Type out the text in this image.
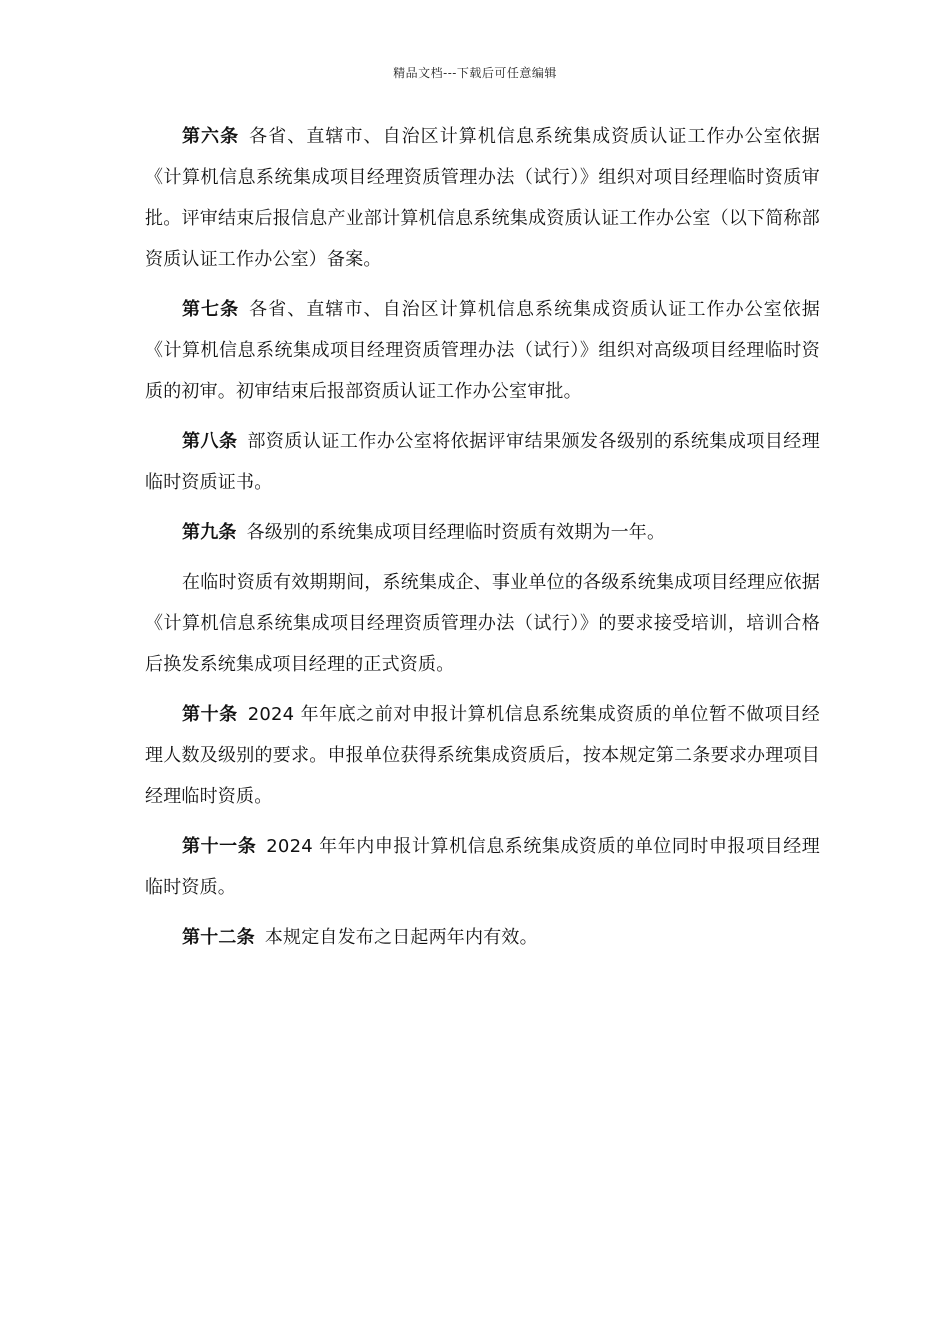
精品文档---下载后可任意编辑

第六条 各省、直辖市、自治区计算机信息系统集成资质认证工作办公室依据《计算机信息系统集成项目经理资质管理办法（试行）》组织对项目经理临时资质审批。评审结束后报信息产业部计算机信息系统集成资质认证工作办公室（以下简称部资质认证工作办公室）备案。

第七条 各省、直辖市、自治区计算机信息系统集成资质认证工作办公室依据《计算机信息系统集成项目经理资质管理办法（试行）》组织对高级项目经理临时资质的初审。初审结束后报部资质认证工作办公室审批。

第八条 部资质认证工作办公室将依据评审结果颁发各级别的系统集成项目经理临时资质证书。

第九条 各级别的系统集成项目经理临时资质有效期为一年。

在临时资质有效期期间，系统集成企、事业单位的各级系统集成项目经理应依据《计算机信息系统集成项目经理资质管理办法（试行）》的要求接受培训，培训合格后换发系统集成项目经理的正式资质。

第十条 2024 年年底之前对申报计算机信息系统集成资质的单位暂不做项目经理人数及级别的要求。申报单位获得系统集成资质后，按本规定第二条要求办理项目经理临时资质。

第十一条 2024 年年内申报计算机信息系统集成资质的单位同时申报项目经理临时资质。

第十二条 本规定自发布之日起两年内有效。
